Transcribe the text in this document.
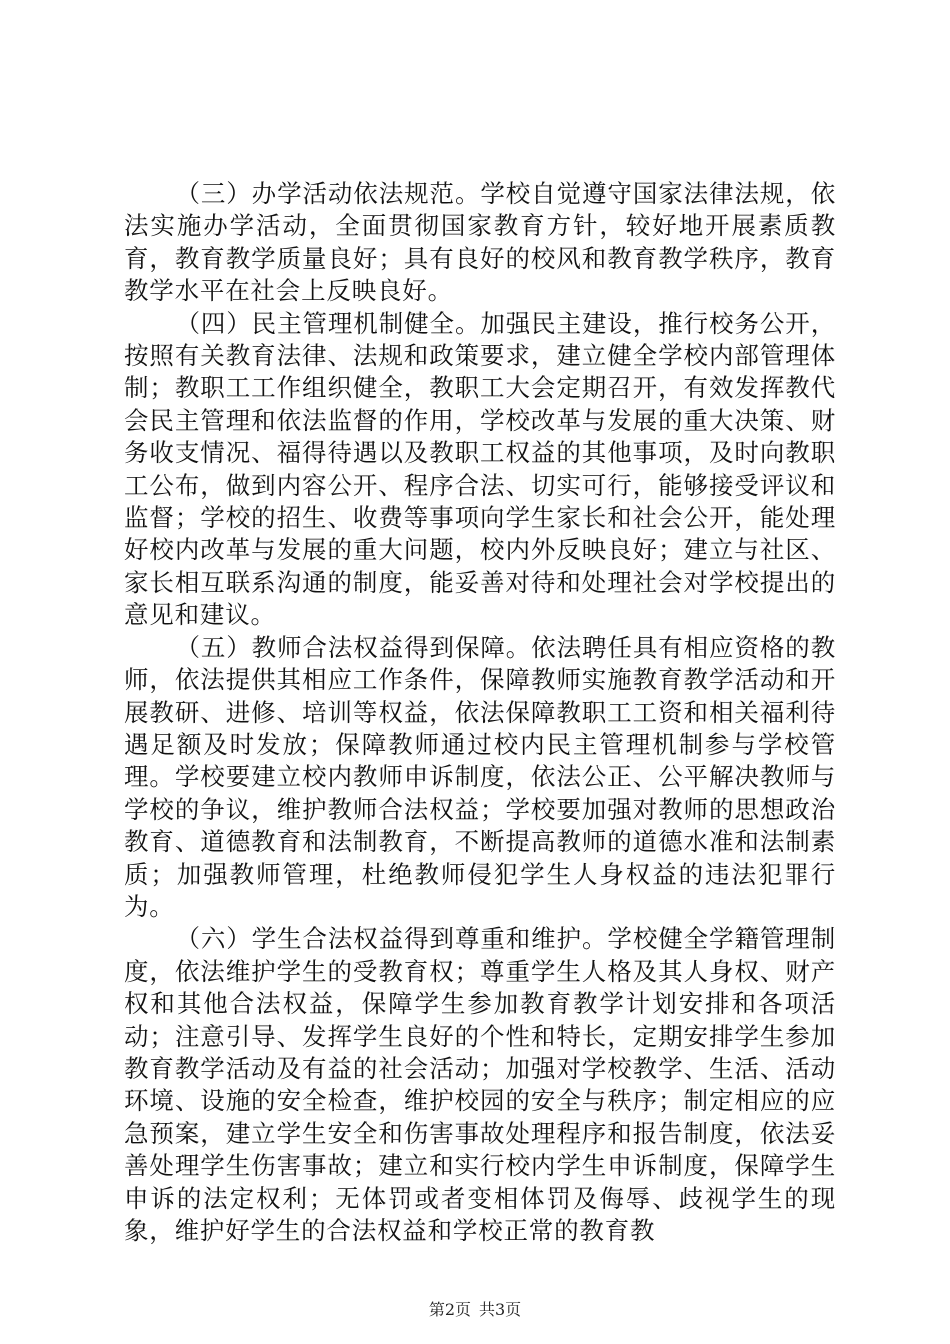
（三）办学活动依法规范。学校自觉遵守国家法律法规，依法实施办学活动，全面贯彻国家教育方针，较好地开展素质教育，教育教学质量良好；具有良好的校风和教育教学秩序，教育教学水平在社会上反映良好。

（四）民主管理机制健全。加强民主建设，推行校务公开，按照有关教育法律、法规和政策要求，建立健全学校内部管理体制；教职工工作组织健全，教职工大会定期召开，有效发挥教代会民主管理和依法监督的作用，学校改革与发展的重大决策、财务收支情况、福得待遇以及教职工权益的其他事项，及时向教职工公布，做到内容公开、程序合法、切实可行，能够接受评议和监督；学校的招生、收费等事项向学生家长和社会公开，能处理好校内改革与发展的重大问题，校内外反映良好；建立与社区、家长相互联系沟通的制度，能妥善对待和处理社会对学校提出的意见和建议。

（五）教师合法权益得到保障。依法聘任具有相应资格的教师，依法提供其相应工作条件，保障教师实施教育教学活动和开展教研、进修、培训等权益，依法保障教职工工资和相关福利待遇足额及时发放；保障教师通过校内民主管理机制参与学校管理。学校要建立校内教师申诉制度，依法公正、公平解决教师与学校的争议，维护教师合法权益；学校要加强对教师的思想政治教育、道德教育和法制教育，不断提高教师的道德水准和法制素质；加强教师管理，杜绝教师侵犯学生人身权益的违法犯罪行为。

（六）学生合法权益得到尊重和维护。学校健全学籍管理制度，依法维护学生的受教育权；尊重学生人格及其人身权、财产权和其他合法权益，保障学生参加教育教学计划安排和各项活动；注意引导、发挥学生良好的个性和特长，定期安排学生参加教育教学活动及有益的社会活动；加强对学校教学、生活、活动环境、设施的安全检查，维护校园的安全与秩序；制定相应的应急预案，建立学生安全和伤害事故处理程序和报告制度，依法妥善处理学生伤害事故；建立和实行校内学生申诉制度，保障学生申诉的法定权利；无体罚或者变相体罚及侮辱、歧视学生的现象，维护好学生的合法权益和学校正常的教育教

第2页 共3页
